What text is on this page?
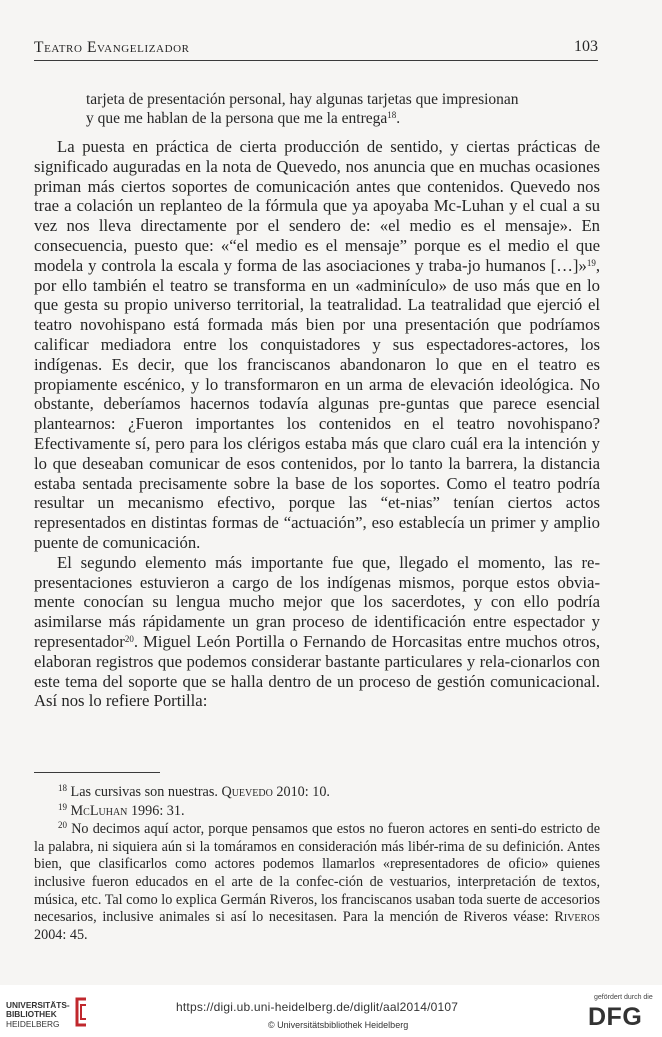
Teatro Evangelizador	103
tarjeta de presentación personal, hay algunas tarjetas que impresionan
y que me hablan de la persona que me la entrega$^{18}$.

La puesta en práctica de cierta producción de sentido, y ciertas prácticas de significado auguradas en la nota de Quevedo, nos anuncia que en muchas ocasiones priman más ciertos soportes de comunicación antes que contenidos. Quevedo nos trae a colación un replanteo de la fórmula que ya apoyaba Mc-Luhan y el cual a su vez nos lleva directamente por el sendero de: «el medio es el mensaje». En consecuencia, puesto que: «“el medio es el mensaje” porque es el medio el que modela y controla la escala y forma de las asociaciones y traba-jo humanos […]»$^{19}$, por ello también el teatro se transforma en un «adminículo» de uso más que en lo que gesta su propio universo territorial, la teatralidad. La teatralidad que ejerció el teatro novohispano está formada más bien por una presentación que podríamos calificar mediadora entre los conquistadores y sus espectadores-actores, los indígenas. Es decir, que los franciscanos abandonaron lo que en el teatro es propiamente escénico, y lo transformaron en un arma de elevación ideológica. No obstante, deberíamos hacernos todavía algunas pre-guntas que parece esencial plantearnos: ¿Fueron importantes los contenidos en el teatro novohispano? Efectivamente sí, pero para los clérigos estaba más que claro cuál era la intención y lo que deseaban comunicar de esos contenidos, por lo tanto la barrera, la distancia estaba sentada precisamente sobre la base de los soportes. Como el teatro podría resultar un mecanismo efectivo, porque las “et-nias” tenían ciertos actos representados en distintas formas de “actuación”, eso establecía un primer y amplio puente de comunicación.

El segundo elemento más importante fue que, llegado el momento, las re-presentaciones estuvieron a cargo de los indígenas mismos, porque estos obvia-mente conocían su lengua mucho mejor que los sacerdotes, y con ello podría asimilarse más rápidamente un gran proceso de identificación entre espectador y representador$^{20}$. Miguel León Portilla o Fernando de Horcasitas entre muchos otros, elaboran registros que podemos considerar bastante particulares y rela-cionarlos con este tema del soporte que se halla dentro de un proceso de gestión comunicacional. Así nos lo refiere Portilla:

$^{18}$ Las cursivas son nuestras. Quevedo 2010: 10.

$^{19}$ McLuhan 1996: 31.

$^{20}$ No decimos aquí actor, porque pensamos que estos no fueron actores en senti-do estricto de la palabra, ni siquiera aún si la tomáramos en consideración más libér-rima de su definición. Antes bien, que clasificarlos como actores podemos llamarlos «representadores de oficio» quienes inclusive fueron educados en el arte de la confec-ción de vestuarios, interpretación de textos, música, etc. Tal como lo explica Germán Riveros, los franciscanos usaban toda suerte de accesorios necesarios, inclusive animales si así lo necesitasen. Para la mención de Riveros véase: Riveros 2004: 45.

UNIVERSITÄTS-
BIBLIOTHEK
HEIDELBERG
https://digi.ub.uni-heidelberg.de/diglit/aal2014/0107
© Universitätsbibliothek Heidelberg
gefördert durch die
DFG
